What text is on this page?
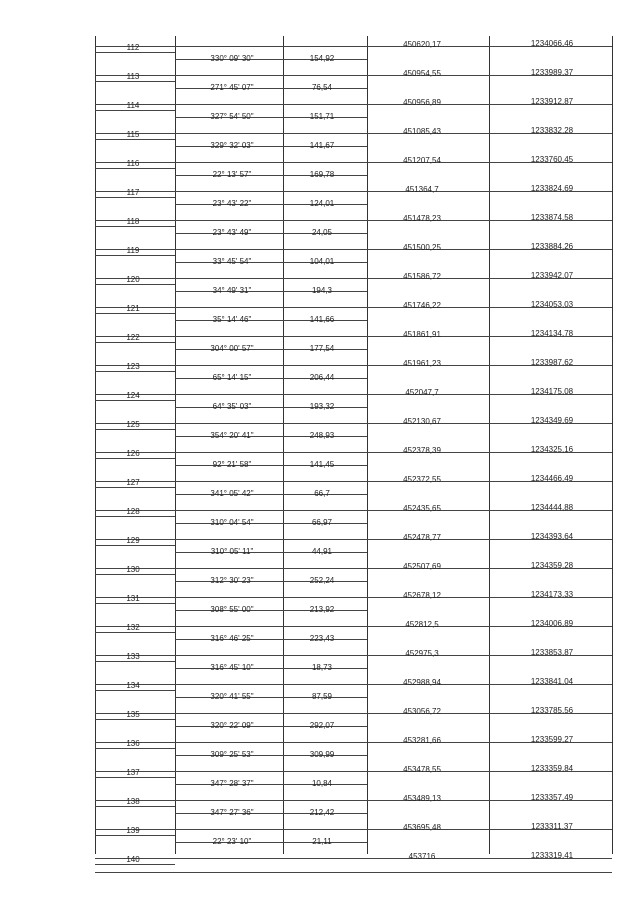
112	450620,17	1234066,46
330° 09' 30"	154,92
113	450954,55	1233989,37
271° 45' 07"	76,54
114	450956,89	1233912,87
327° 54' 50"	151,71
115	451085,43	1233832,28
329° 32' 03"	141,67
116	451207,54	1233760,45
22° 13' 57"	169,78
117	451364,7	1233824,69
23° 43' 22"	124,01
118	451478,23	1233874,58
23° 43' 49"	24,05
119	451500,25	1233884,26
33° 45' 54"	104,01
120	451586,72	1233942,07
34° 49' 31"	194,3
121	451746,22	1234053,03
35° 14' 46"	141,66
122	451861,91	1234134,78
304° 00' 57"	177,54
123	451961,23	1233987,62
65° 14' 15"	206,44
124	452047,7	1234175,08
64° 35' 03"	193,32
125	452130,67	1234349,69
354° 20' 41"	248,93
126	452378,39	1234325,16
92° 21' 58"	141,45
127	452372,55	1234466,49
341° 05' 42"	66,7
128	452435,65	1234444,88
310° 04' 54"	66,97
129	452478,77	1234393,64
310° 05' 11"	44,91
130	452507,69	1234359,28
312° 30' 23"	252,24
131	452678,12	1234173,33
308° 55' 00"	213,92
132	452812,5	1234006,89
316° 46' 25"	223,43
133	452975,3	1233853,87
316° 45' 10"	18,73
134	452988,94	1233841,04
320° 41' 55"	87,59
135	453056,72	1233785,56
320° 22' 09"	292,07
136	453281,66	1233599,27
309° 25' 53"	309,99
137	453478,55	1233359,84
347° 28' 37"	10,84
138	453489,13	1233357,49
347° 27' 36"	212,42
139	453695,48	1233311,37
22° 23' 10"	21,11
140	453716	1233319,41
